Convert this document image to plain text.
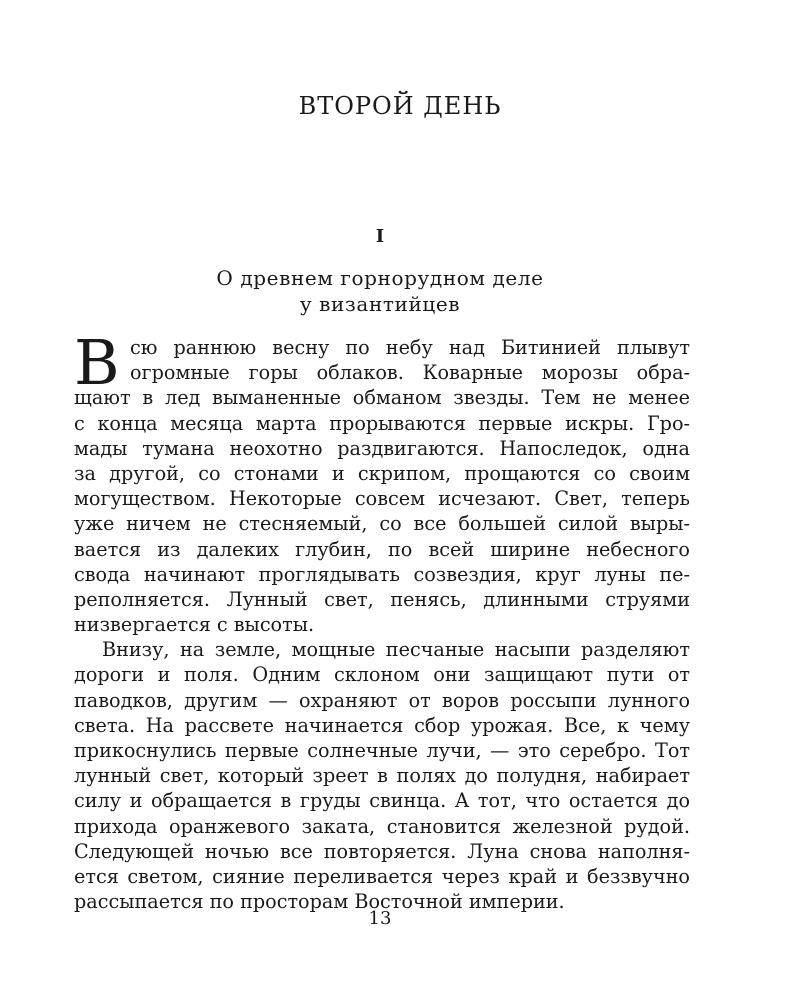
ВТОРОЙ ДЕНЬ
I
О древнем горнорудном деле
у византийцев
В сю раннюю весну по небу над Битинией плывут
огромные горы облаков. Коварные морозы обра-
щают в лед выманенные обманом звезды. Тем не менее
с конца месяца марта прорываются первые искры. Гро-
мады тумана неохотно раздвигаются. Напоследок, одна
за другой, со стонами и скрипом, прощаются со своим
могуществом. Некоторые совсем исчезают. Свет, теперь
уже ничем не стесняемый, со все большей силой выры-
вается из далеких глубин, по всей ширине небесного
свода начинают проглядывать созвездия, круг луны пе-
реполняется. Лунный свет, пенясь, длинными струями
низвергается с высоты.
Внизу, на земле, мощные песчаные насыпи разделяют
дороги и поля. Одним склоном они защищают пути от
паводков, другим — охраняют от воров россыпи лунного
света. На рассвете начинается сбор урожая. Все, к чему
прикоснулись первые солнечные лучи, — это серебро. Тот
лунный свет, который зреет в полях до полудня, набирает
силу и обращается в груды свинца. А тот, что остается до
прихода оранжевого заката, становится железной рудой.
Следующей ночью все повторяется. Луна снова наполня-
ется светом, сияние переливается через край и беззвучно
рассыпается по просторам Восточной империи.
13
